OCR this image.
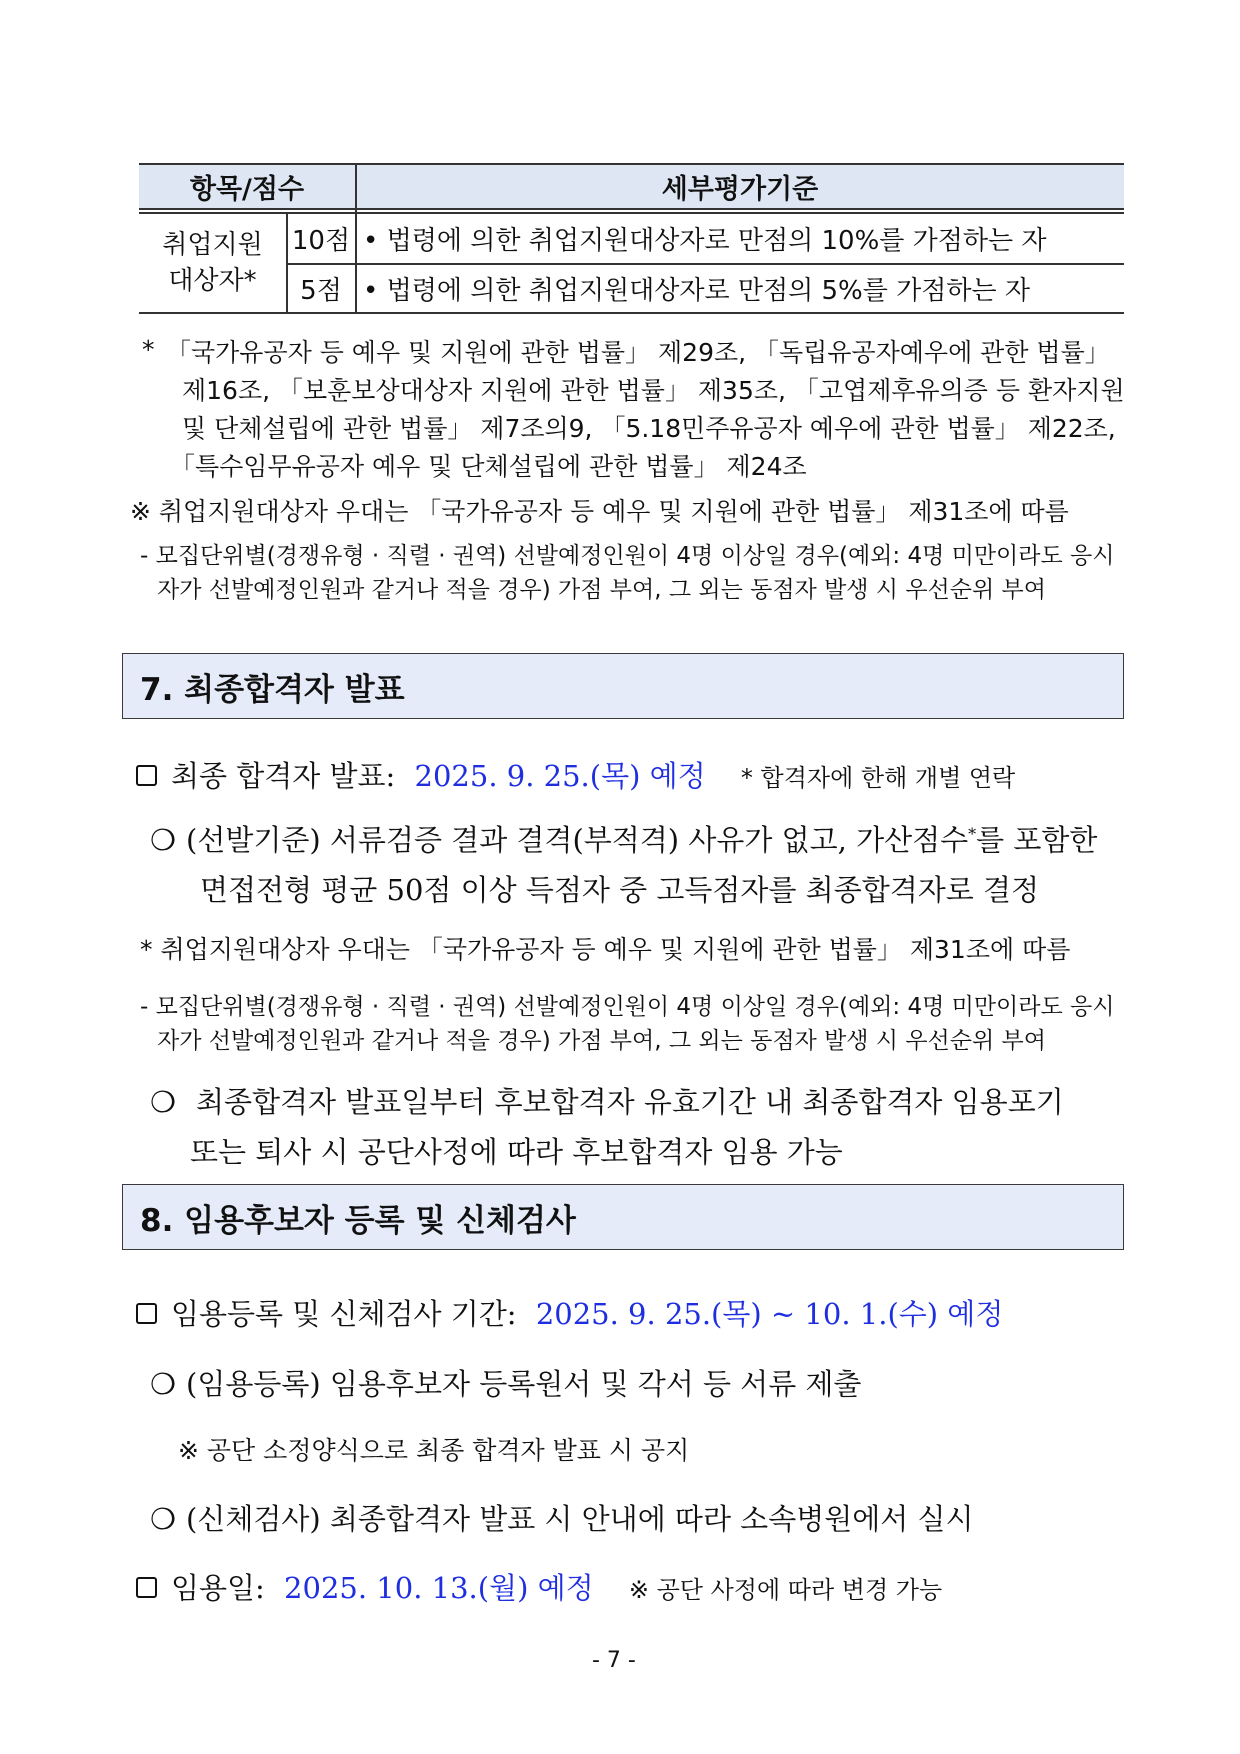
항목/점수	세부평가기준
취업지원
대상자*
10점 • 법령에 의한 취업지원대상자로 만점의 10%를 가점하는 자
5점 • 법령에 의한 취업지원대상자로 만점의 5%를 가점하는 자
* 「국가유공자 등 예우 및 지원에 관한 법률」 제29조, 「독립유공자예우에 관한 법률」
제16조, 「보훈보상대상자 지원에 관한 법률」 제35조, 「고엽제후유의증 등 환자지원
및 단체설립에 관한 법률」 제7조의9, 「5.18민주유공자 예우에 관한 법률」 제22조,
「특수임무유공자 예우 및 단체설립에 관한 법률」 제24조
※ 취업지원대상자 우대는 「국가유공자 등 예우 및 지원에 관한 법률」 제31조에 따름
- 모집단위별(경쟁유형 · 직렬 · 권역) 선발예정인원이 4명 이상일 경우(예외: 4명 미만이라도 응시
자가 선발예정인원과 같거나 적을 경우) 가점 부여, 그 외는 동점자 발생 시 우선순위 부여
7. 최종합격자 발표
최종 합격자 발표: 2025. 9. 25.(목) 예정 * 합격자에 한해 개별 연락
❍ (선발기준) 서류검증 결과 결격(부적격) 사유가 없고, 가산점수*를 포함한
면접전형 평균 50점 이상 득점자 중 고득점자를 최종합격자로 결정
* 취업지원대상자 우대는 「국가유공자 등 예우 및 지원에 관한 법률」 제31조에 따름
- 모집단위별(경쟁유형 · 직렬 · 권역) 선발예정인원이 4명 이상일 경우(예외: 4명 미만이라도 응시
자가 선발예정인원과 같거나 적을 경우) 가점 부여, 그 외는 동점자 발생 시 우선순위 부여
❍ 최종합격자 발표일부터 후보합격자 유효기간 내 최종합격자 임용포기
또는 퇴사 시 공단사정에 따라 후보합격자 임용 가능
8. 임용후보자 등록 및 신체검사
임용등록 및 신체검사 기간: 2025. 9. 25.(목) ~ 10. 1.(수) 예정
❍ (임용등록) 임용후보자 등록원서 및 각서 등 서류 제출
※ 공단 소정양식으로 최종 합격자 발표 시 공지
❍ (신체검사) 최종합격자 발표 시 안내에 따라 소속병원에서 실시
임용일: 2025. 10. 13.(월) 예정 ※ 공단 사정에 따라 변경 가능
- 7 -
